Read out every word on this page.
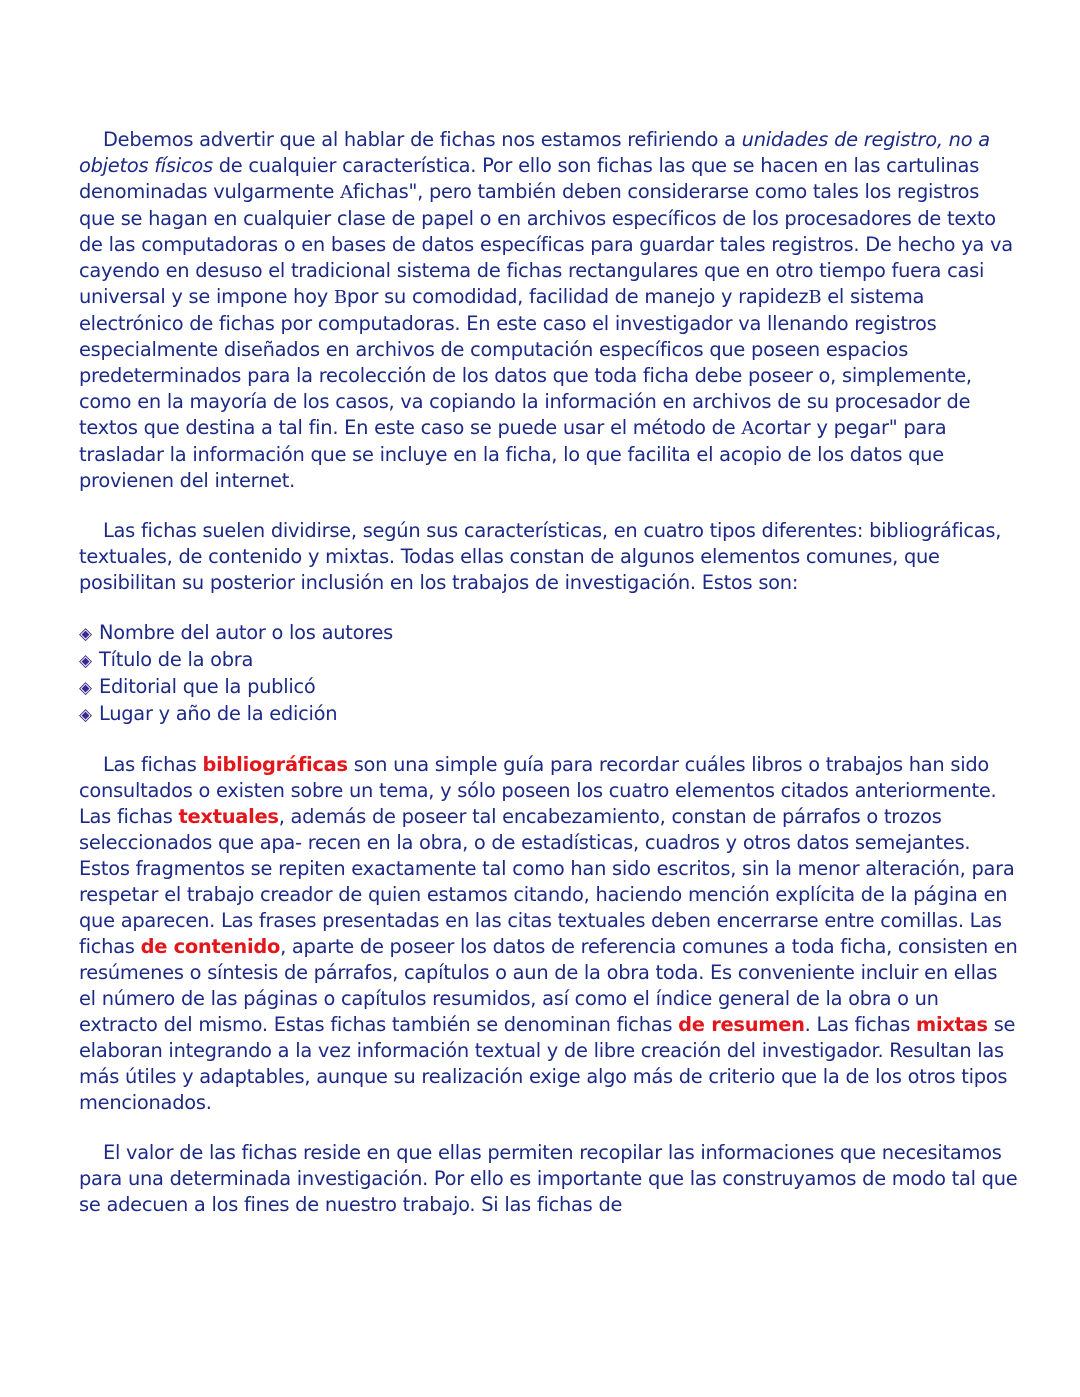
Debemos advertir que al hablar de fichas nos estamos refiriendo a unidades de registro, no a objetos físicos de cualquier característica. Por ello son fichas las que se hacen en las cartulinas denominadas vulgarmente Afichas", pero también deben considerarse como tales los registros que se hagan en cualquier clase de papel o en archivos específicos de los procesadores de texto de las computadoras o en bases de datos específicas para guardar tales registros. De hecho ya va cayendo en desuso el tradicional sistema de fichas rectangulares que en otro tiempo fuera casi universal y se impone hoy Bpor su comodidad, facilidad de manejo y rapidezB el sistema electrónico de fichas por computadoras. En este caso el investigador va llenando registros especialmente diseñados en archivos de computación específicos que poseen espacios predeterminados para la recolección de los datos que toda ficha debe poseer o, simplemente, como en la mayoría de los casos, va copiando la información en archivos de su procesador de textos que destina a tal fin. En este caso se puede usar el método de Acortar y pegar" para trasladar la información que se incluye en la ficha, lo que facilita el acopio de los datos que provienen del internet.

Las fichas suelen dividirse, según sus características, en cuatro tipos diferentes: bibliográficas, textuales, de contenido y mixtas. Todas ellas constan de algunos elementos comunes, que posibilitan su posterior inclusión en los trabajos de investigación. Estos son:

◈ Nombre del autor o los autores
◈ Título de la obra
◈ Editorial que la publicó
◈ Lugar y año de la edición

Las fichas bibliográficas son una simple guía para recordar cuáles libros o trabajos han sido consultados o existen sobre un tema, y sólo poseen los cuatro elementos citados anteriormente. Las fichas textuales, además de poseer tal encabezamiento, constan de párrafos o trozos seleccionados que apa- recen en la obra, o de estadísticas, cuadros y otros datos semejantes. Estos fragmentos se repiten exactamente tal como han sido escritos, sin la menor alteración, para respetar el trabajo creador de quien estamos citando, haciendo mención explícita de la página en que aparecen. Las frases presentadas en las citas textuales deben encerrarse entre comillas. Las fichas de contenido, aparte de poseer los datos de referencia comunes a toda ficha, consisten en resúmenes o síntesis de párrafos, capítulos o aun de la obra toda. Es conveniente incluir en ellas el número de las páginas o capítulos resumidos, así como el índice general de la obra o un extracto del mismo. Estas fichas también se denominan fichas de resumen. Las fichas mixtas se elaboran integrando a la vez información textual y de libre creación del investigador. Resultan las más útiles y adaptables, aunque su realización exige algo más de criterio que la de los otros tipos mencionados.

El valor de las fichas reside en que ellas permiten recopilar las informaciones que necesitamos para una determinada investigación. Por ello es importante que las construyamos de modo tal que se adecuen a los fines de nuestro trabajo. Si las fichas de
